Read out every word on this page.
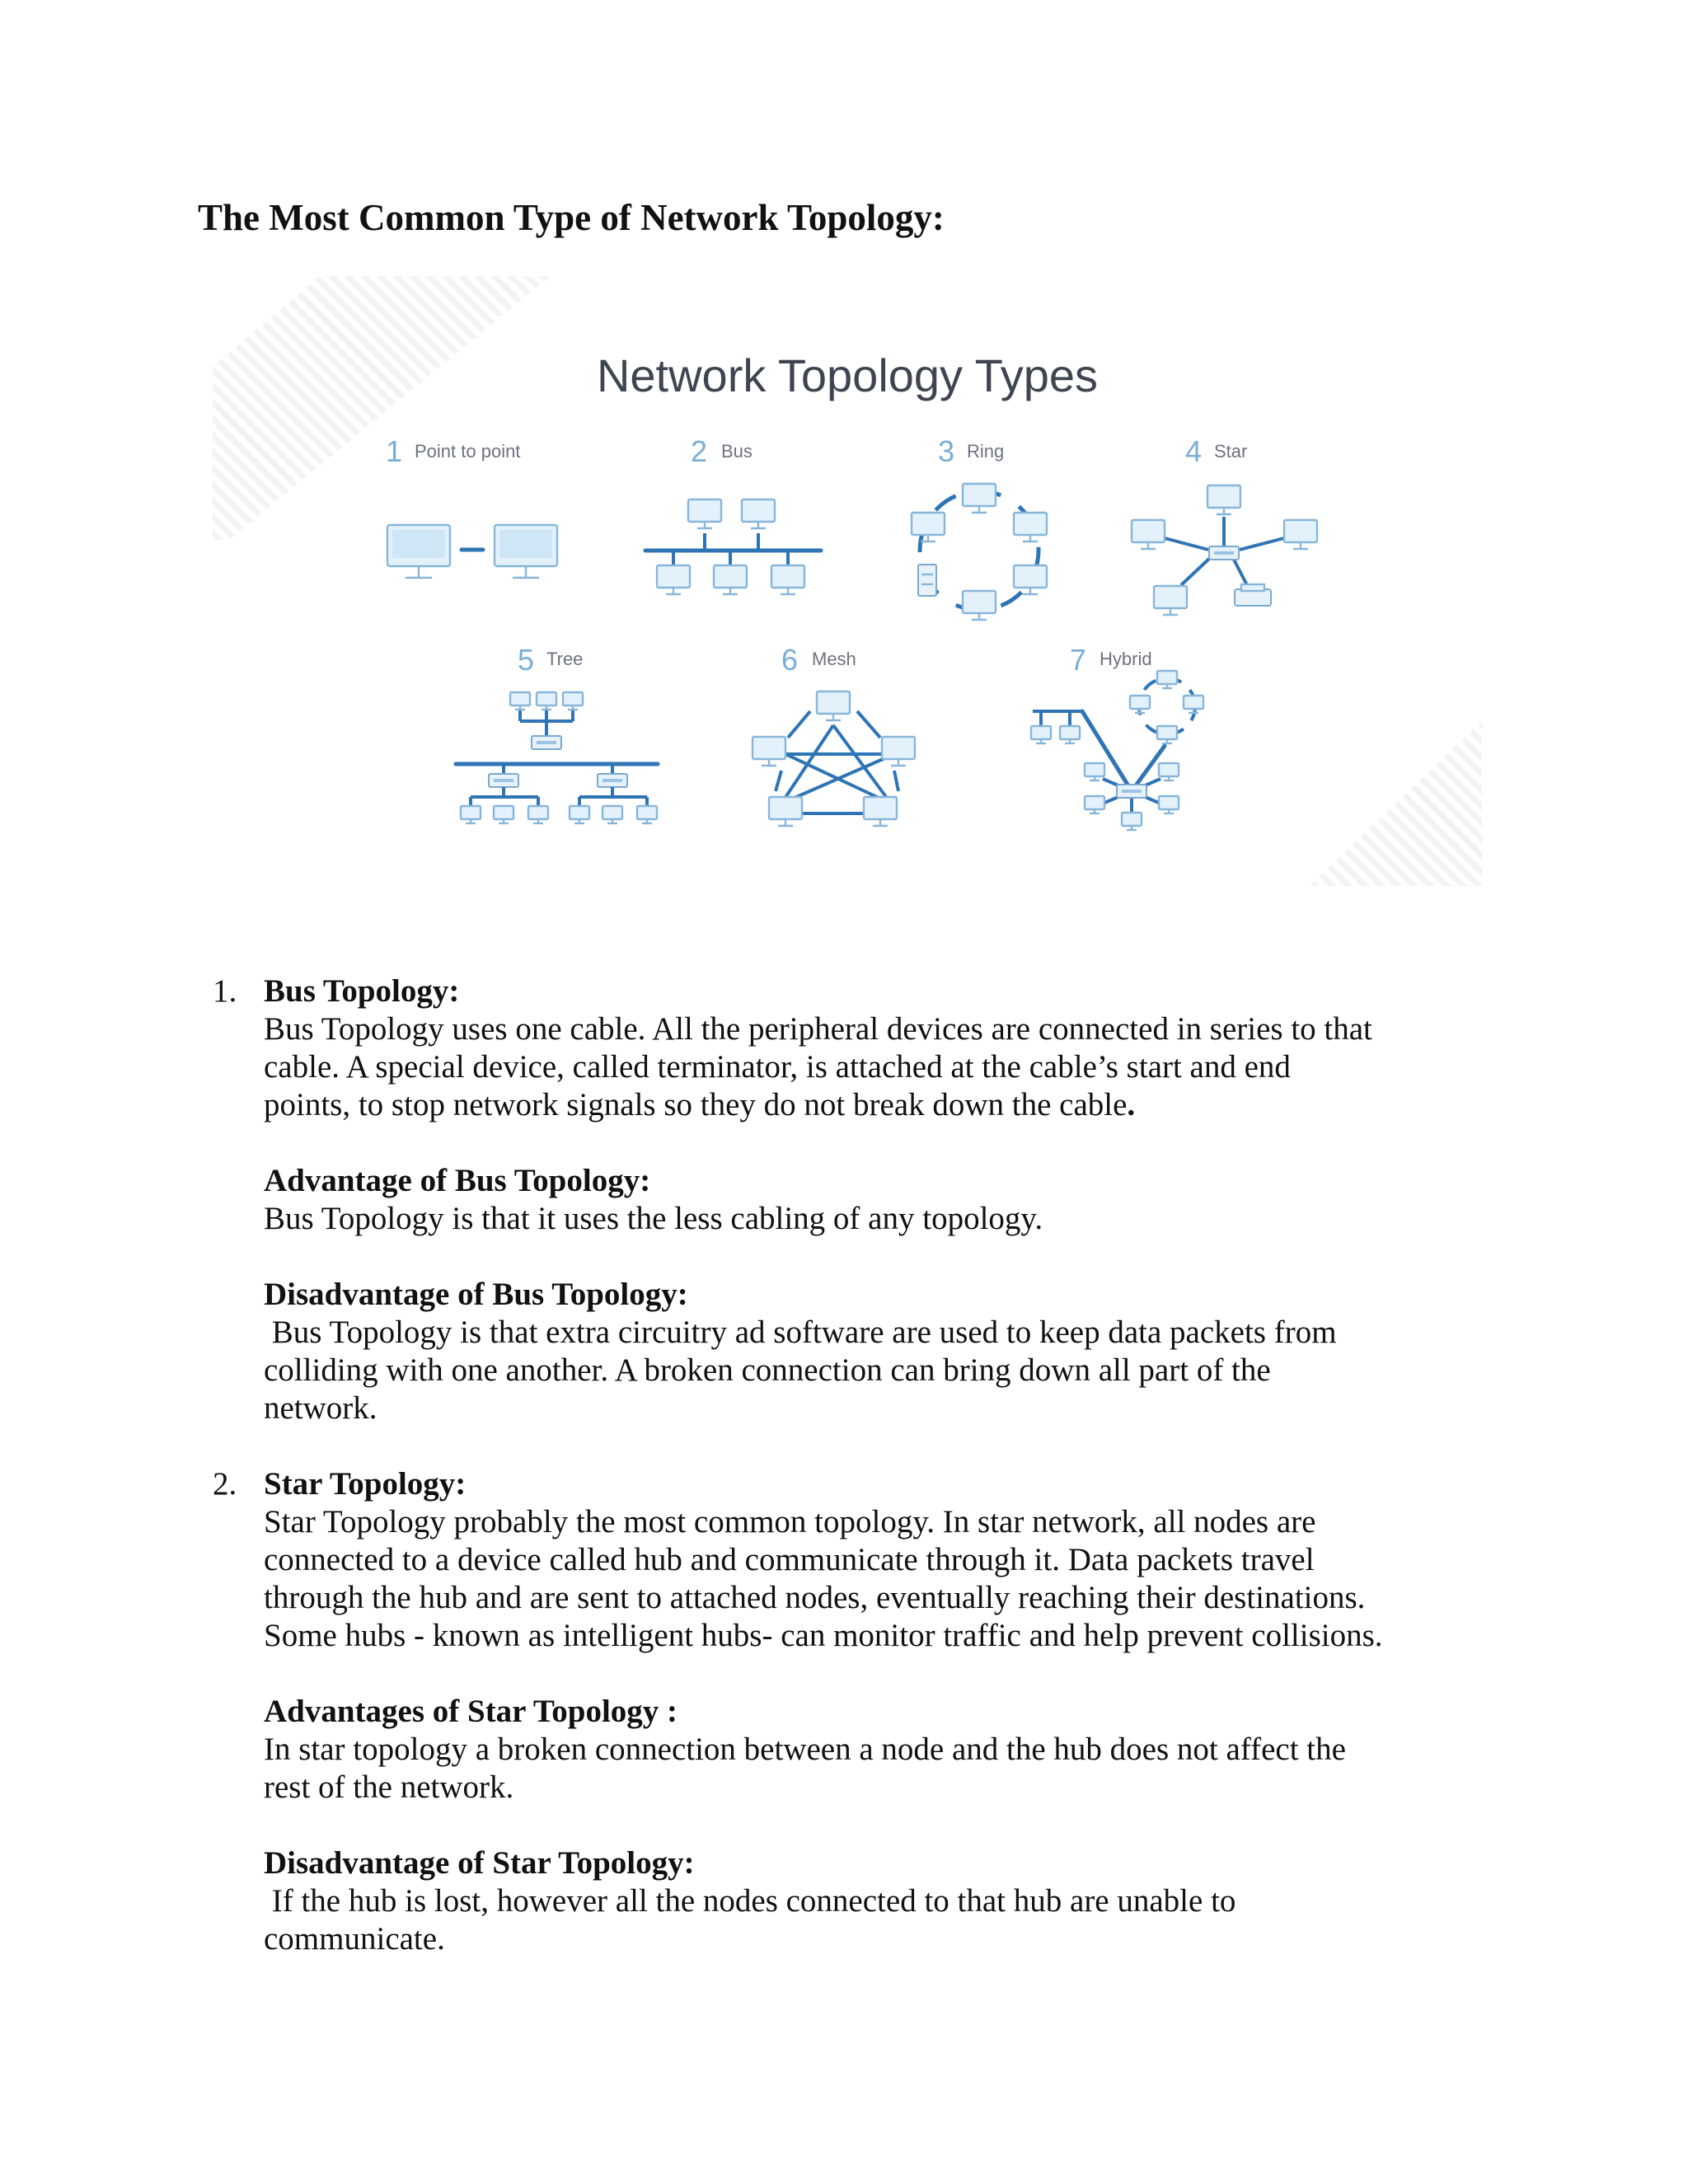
The Most Common Type of Network Topology:
Network Topology Types
1 Point to point	2 Bus	3 Ring	4 Star
5 Tree	6 Mesh	7 Hybrid
1. Bus Topology:

Bus Topology uses one cable. All the peripheral devices are connected in series to that

cable. A special device, called terminator, is attached at the cable’s start and end

points, to stop network signals so they do not break down the cable.

Advantage of Bus Topology:

Bus Topology is that it uses the less cabling of any topology.

Disadvantage of Bus Topology:

Bus Topology is that extra circuitry ad software are used to keep data packets from

colliding with one another. A broken connection can bring down all part of the

network.

2. Star Topology:

Star Topology probably the most common topology. In star network, all nodes are

connected to a device called hub and communicate through it. Data packets travel

through the hub and are sent to attached nodes, eventually reaching their destinations.

Some hubs - known as intelligent hubs- can monitor traffic and help prevent collisions.

Advantages of Star Topology :

In star topology a broken connection between a node and the hub does not affect the

rest of the network.

Disadvantage of Star Topology:

If the hub is lost, however all the nodes connected to that hub are unable to

communicate.
